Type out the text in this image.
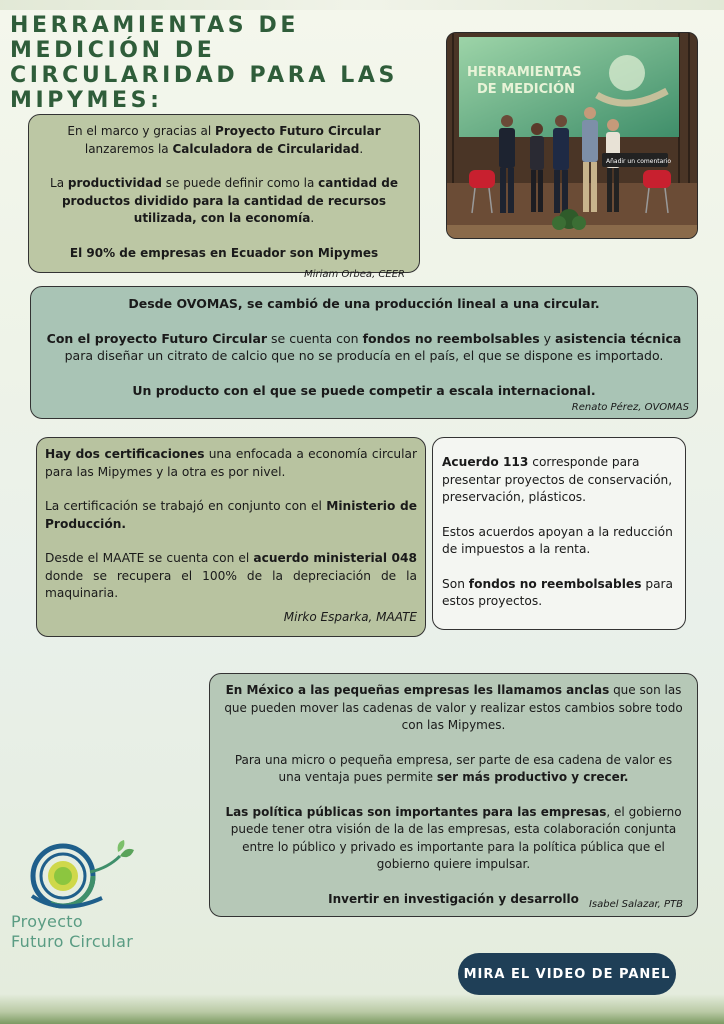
HERRAMIENTAS DE MEDICIÓN DE CIRCULARIDAD PARA LAS MIPYMES:
HERRAMIENTAS
DE MEDICIÓN
Añadir un comentario

En el marco y gracias al Proyecto Futuro Circular
lanzaremos la Calculadora de Circularidad.

La productividad se puede definir como la cantidad de productos dividido para la cantidad de recursos utilizada, con la economía.

El 90% de empresas en Ecuador son Mipymes

Miriam Orbea, CEER

Desde OVOMAS, se cambió de una producción lineal a una circular.

Con el proyecto Futuro Circular se cuenta con fondos no reembolsables y asistencia técnica para diseñar un citrato de calcio que no se producía en el país, el que se dispone es importado.

Un producto con el que se puede competir a escala internacional.

Renato Pérez, OVOMAS

Hay dos certificaciones una enfocada a economía circular para las Mipymes y la otra es por nivel.

La certificación se trabajó en conjunto con el Ministerio de Producción.

Desde el MAATE se cuenta con el acuerdo ministerial 048 donde se recupera el 100% de la depreciación de la maquinaria.

Mirko Esparka, MAATE

Acuerdo 113 corresponde para presentar proyectos de conservación, preservación, plásticos.

Estos acuerdos apoyan a la reducción de impuestos a la renta.

Son fondos no reembolsables para estos proyectos.

En México a las pequeñas empresas les llamamos anclas que son las que pueden mover las cadenas de valor y realizar estos cambios sobre todo con las Mipymes.

Para una micro o pequeña empresa, ser parte de esa cadena de valor es una ventaja pues permite ser más productivo y crecer.

Las política públicas son importantes para las empresas, el gobierno puede tener otra visión de la de las empresas, esta colaboración conjunta entre lo público y privado es importante para la política pública que el gobierno quiere impulsar.

Invertir en investigación y desarrollo	Isabel Salazar, PTB
Proyecto
Futuro Circular
MIRA EL VIDEO DE PANEL
